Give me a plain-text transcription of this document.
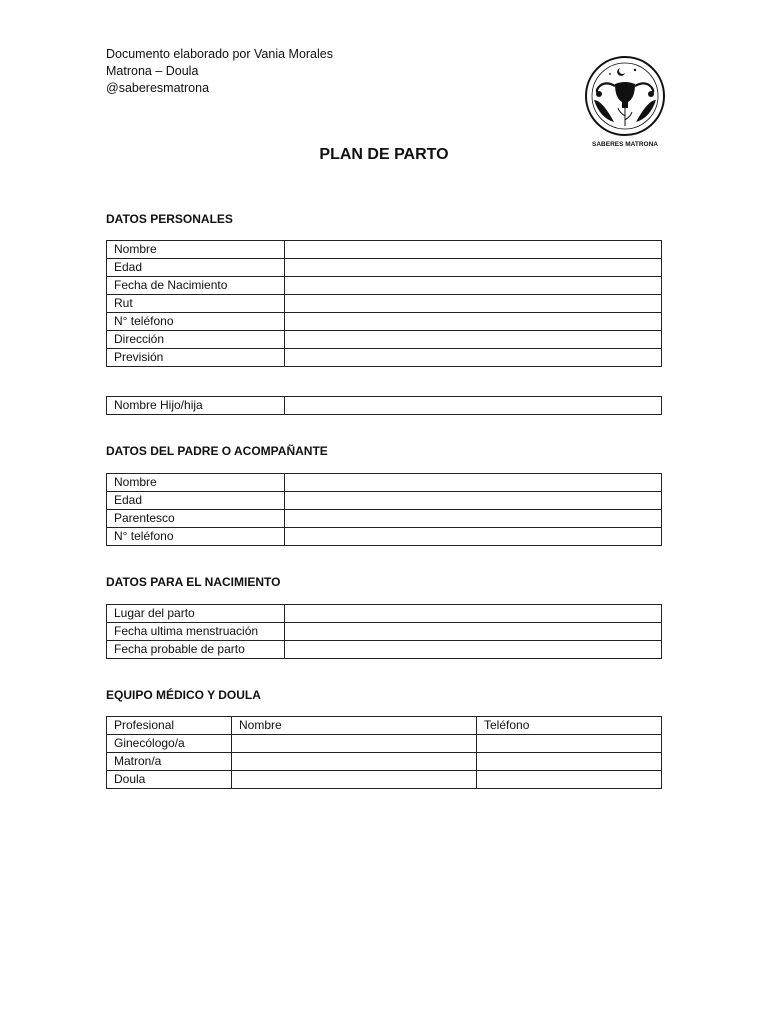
Documento elaborado por Vania Morales
Matrona – Doula
@saberesmatrona
SABERES MATRONA
PLAN DE PARTO
DATOS PERSONALES
Nombre	
Edad	
Fecha de Nacimiento	
Rut	
N° teléfono	
Dirección	
Previsión	
Nombre Hijo/hija	
DATOS DEL PADRE O ACOMPAÑANTE
Nombre	
Edad	
Parentesco	
N° teléfono	
DATOS PARA EL NACIMIENTO
Lugar del parto	
Fecha ultima menstruación	
Fecha probable de parto	
EQUIPO MÉDICO Y DOULA
Profesional	Nombre	Teléfono
Ginecólogo/a		
Matron/a		
Doula		
